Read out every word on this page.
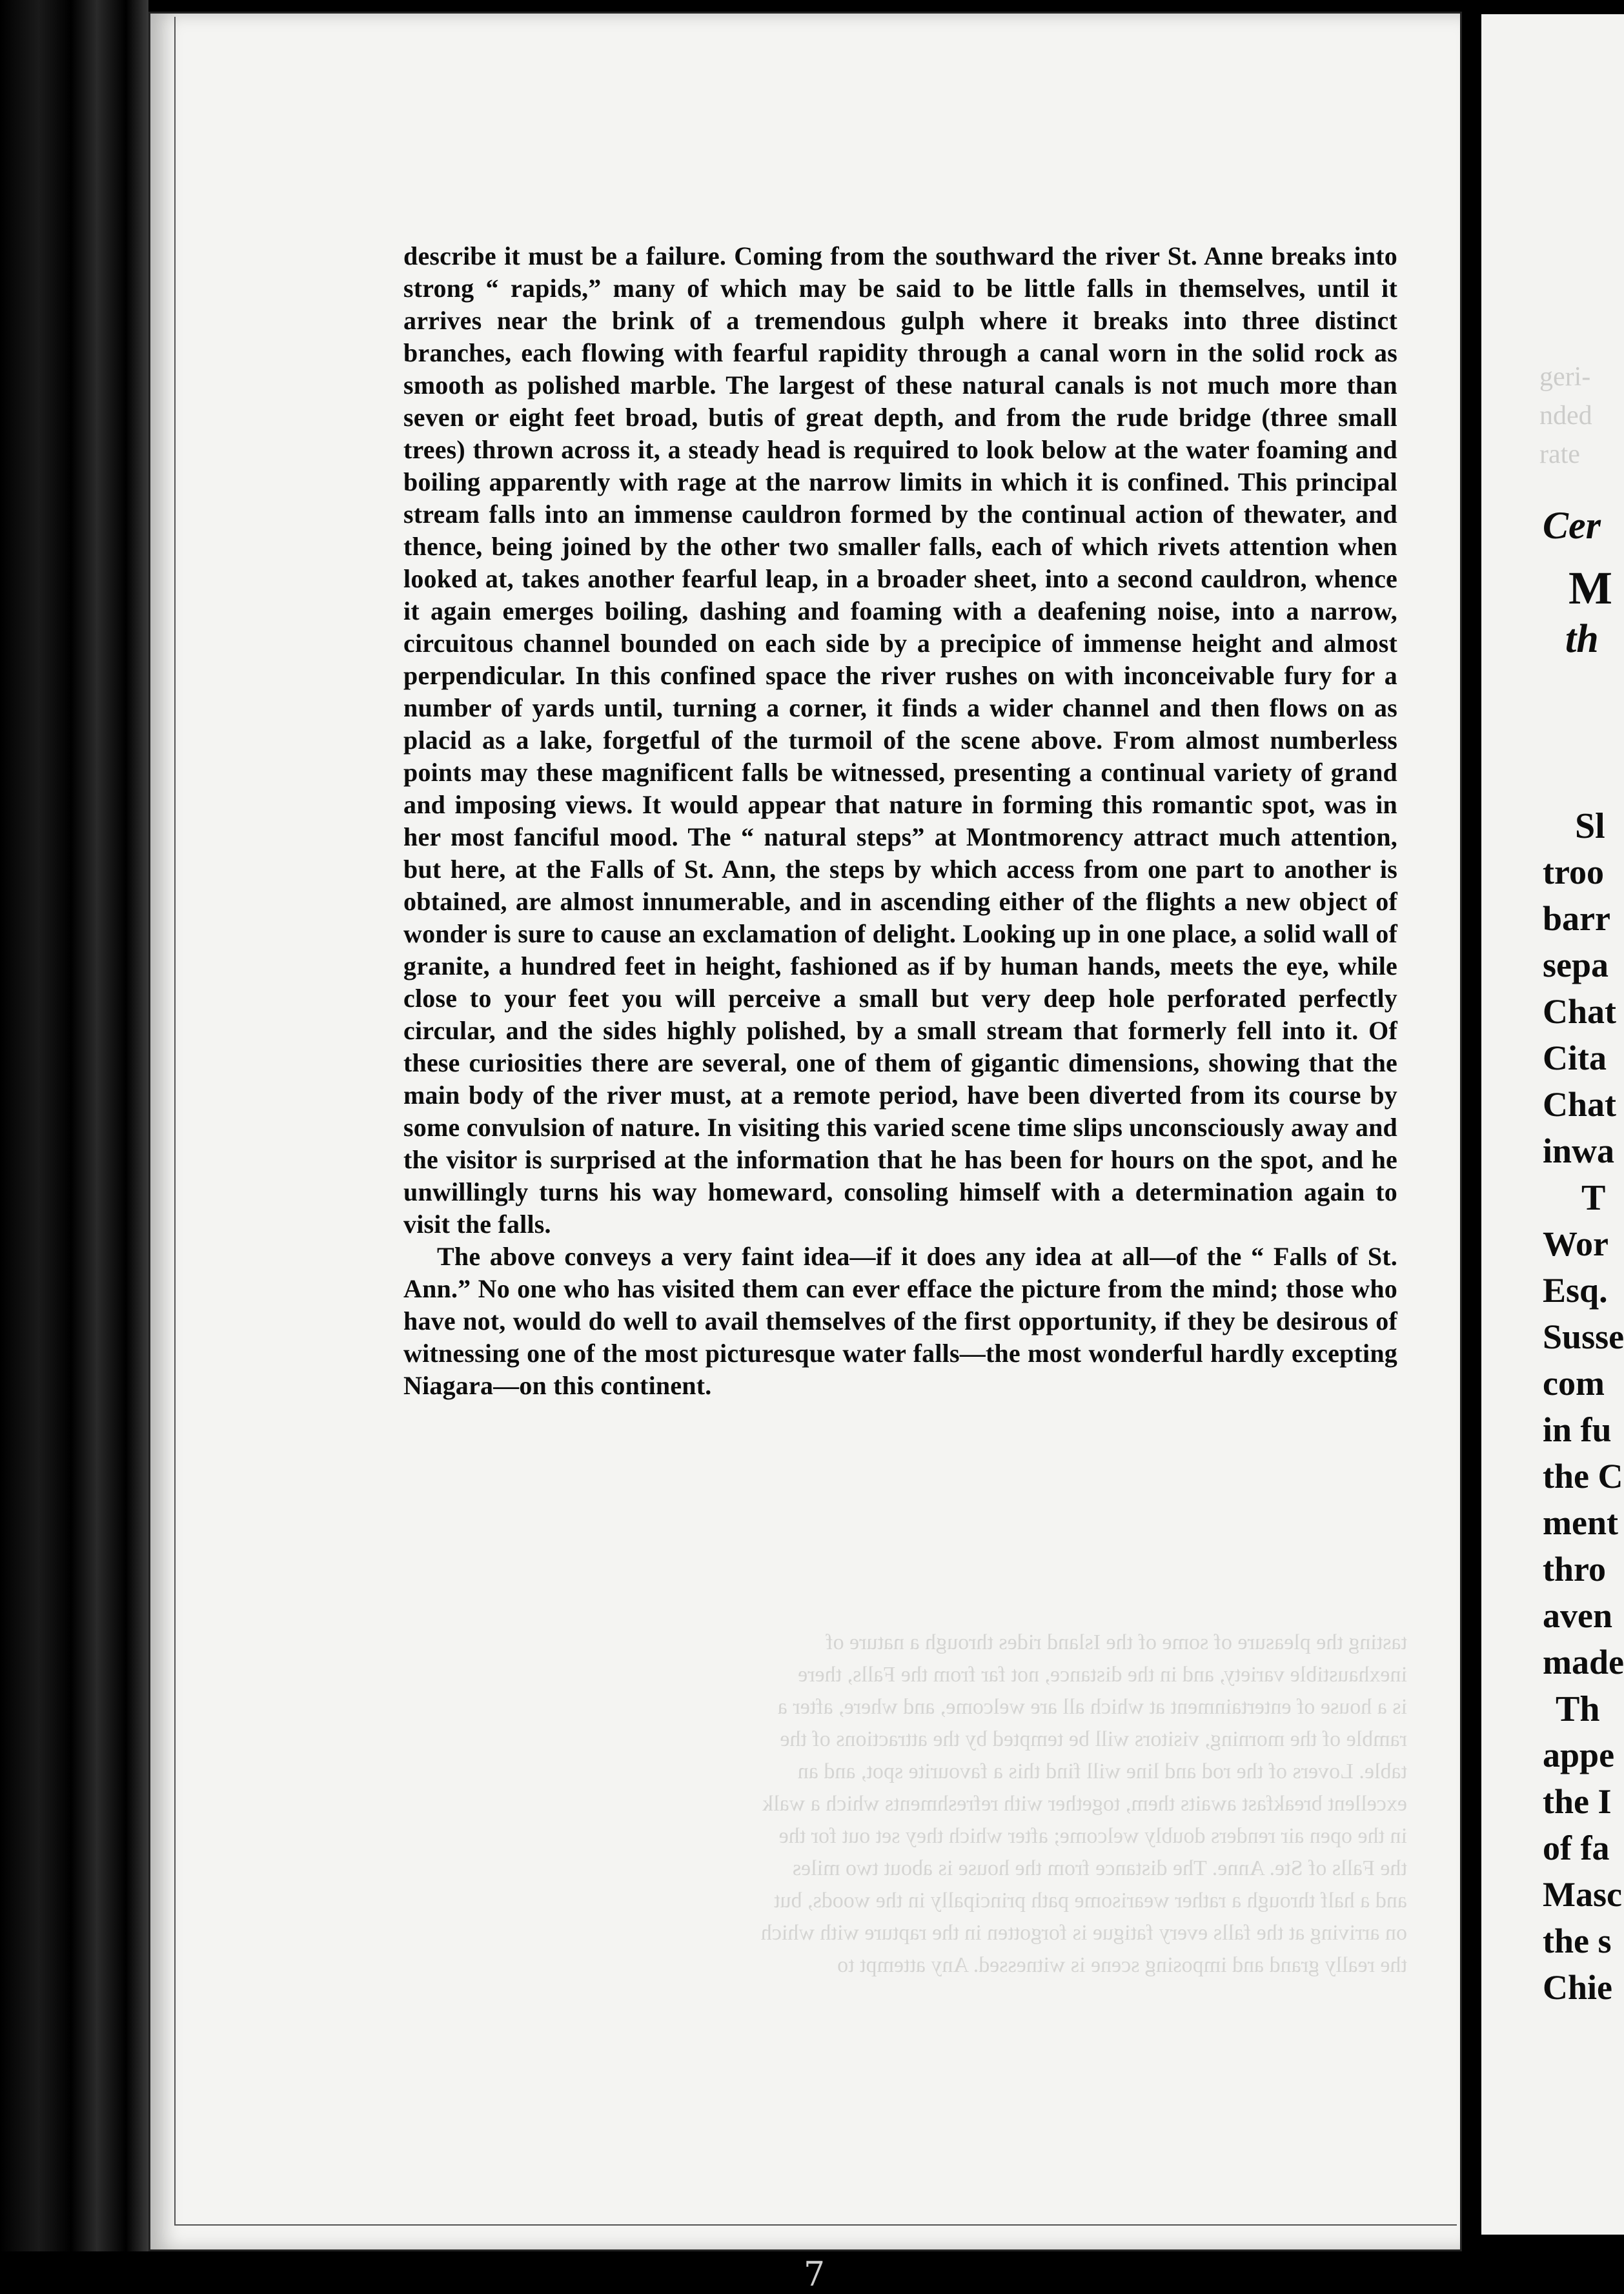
tasting the pleasure of some of the Island rides through a nature of
inexhaustible variety, and in the distance, not far from the Falls, there
is a house of entertainment at which all are welcome, and where, after a
ramble of the morning, visitors will be tempted by the attractions of the
table. Lovers of the rod and line will find this a favourite spot, and an
excellent breakfast awaits them, together with refreshments which a walk
in the open air renders doubly welcome; after which they set out for the
the Falls of Ste. Anne. The distance from the house is about two miles
and a half through a rather wearisome path principally in the woods, but
on arriving at the falls every fatigue is forgotten in the rapture with which
the really grand and imposing scene is witnessed. Any attempt to

describe it must be a failure. Coming from the southward the river St. Anne breaks into strong “ rapids,” many of which may be said to be little falls in themselves, until it arrives near the brink of a tremendous gulph where it breaks into three distinct branches, each flowing with fearful rapidity through a canal worn in the solid rock as smooth as polished marble. The largest of these natural canals is not much more than seven or eight feet broad, butis of great depth, and from the rude bridge (three small trees) thrown across it, a steady head is required to look below at the water foaming and boiling apparently with rage at the narrow limits in which it is confined. This principal stream falls into an immense cauldron formed by the continual action of thewater, and thence, being joined by the other two smaller falls, each of which rivets attention when looked at, takes another fearful leap, in a broader sheet, into a second cauldron, whence it again emerges boiling, dashing and foaming with a deafening noise, into a narrow, circuitous channel bounded on each side by a precipice of immense height and almost perpendicular. In this confined space the river rushes on with inconceivable fury for a number of yards until, turning a corner, it finds a wider channel and then flows on as placid as a lake, forgetful of the turmoil of the scene above. From almost numberless points may these magnificent falls be witnessed, presenting a continual variety of grand and imposing views. It would appear that nature in forming this romantic spot, was in her most fanciful mood. The “ natural steps” at Montmorency attract much attention, but here, at the Falls of St. Ann, the steps by which access from one part to another is obtained, are almost innumerable, and in ascending either of the flights a new object of wonder is sure to cause an exclamation of delight. Looking up in one place, a solid wall of granite, a hundred feet in height, fashioned as if by human hands, meets the eye, while close to your feet you will perceive a small but very deep hole perforated perfectly circular, and the sides highly polished, by a small stream that formerly fell into it. Of these curiosities there are several, one of them of gigantic dimensions, showing that the main body of the river must, at a remote period, have been diverted from its course by some convulsion of nature. In visiting this varied scene time slips unconsciously away and the visitor is surprised at the information that he has been for hours on the spot, and he unwillingly turns his way homeward, consoling himself with a determination again to visit the falls.

The above conveys a very faint idea—if it does any idea at all—of the “ Falls of St. Ann.” No one who has visited them can ever efface the picture from the mind; those who have not, would do well to avail themselves of the first opportunity, if they be desirous of witnessing one of the most picturesque water falls—the most wonderful hardly excepting Niagara—on this continent.

geri-
nded
rate
Cer
M
th
Sl
troo
barr
sepa
Chat
Cita
Chat
inwa
T
Wor
Esq.
Susse
com
in fu
the C
ment
thro
aven
made
Th
appe
the I
of fa
Masc
the s
Chie
7
